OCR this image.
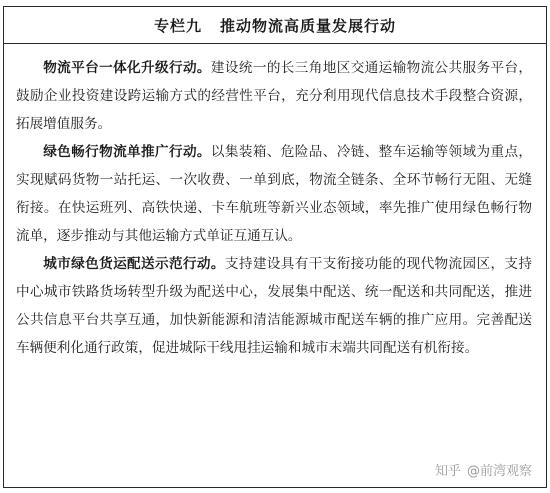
专栏九 推动物流高质量发展行动

物流平台一体化升级行动。建设统一的长三角地区交通运输物流公共服务平台，鼓励企业投资建设跨运输方式的经营性平台，充分利用现代信息技术手段整合资源，拓展增值服务。

绿色畅行物流单推广行动。以集装箱、危险品、冷链、整车运输等领域为重点，实现赋码货物一站托运、一次收费、一单到底，物流全链条、全环节畅行无阻、无缝衔接。在快运班列、高铁快递、卡车航班等新兴业态领域，率先推广使用绿色畅行物流单，逐步推动与其他运输方式单证互通互认。

城市绿色货运配送示范行动。支持建设具有干支衔接功能的现代物流园区，支持中心城市铁路货场转型升级为配送中心，发展集中配送、统一配送和共同配送，推进公共信息平台共享互通，加快新能源和清洁能源城市配送车辆的推广应用。完善配送车辆便利化通行政策，促进城际干线甩挂运输和城市末端共同配送有机衔接。

知乎 @前湾观察
